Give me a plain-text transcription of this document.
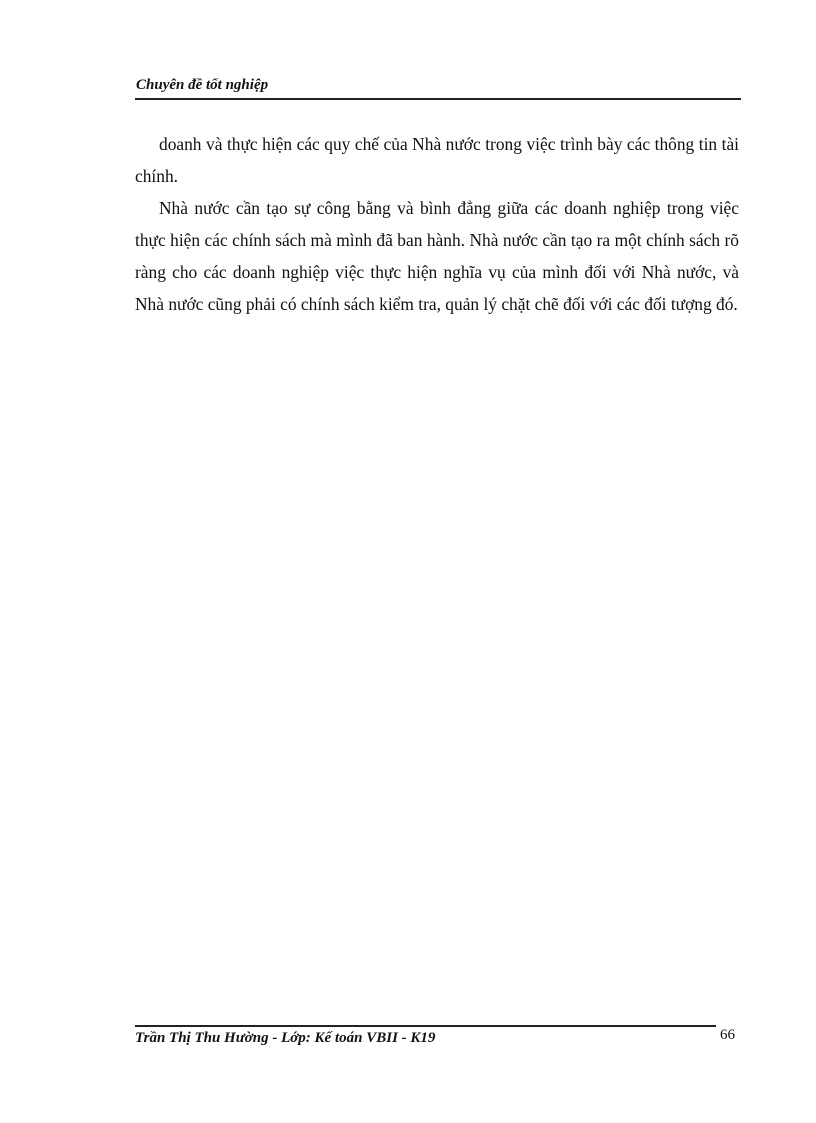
Chuyên đề tốt nghiệp

doanh và thực hiện các quy chế của Nhà nước trong việc trình bày các thông tin tài chính.

Nhà nước cần tạo sự công bằng và bình đẳng giữa các doanh nghiệp trong việc thực hiện các chính sách mà mình đã ban hành. Nhà nước cần tạo ra một chính sách rõ ràng cho các doanh nghiệp việc thực hiện nghĩa vụ của mình đối với Nhà nước, và Nhà nước cũng phải có chính sách kiểm tra, quản lý chặt chẽ đối với các đối tượng đó.

Trần Thị Thu Hường - Lớp: Kế toán VBII - K19	66
